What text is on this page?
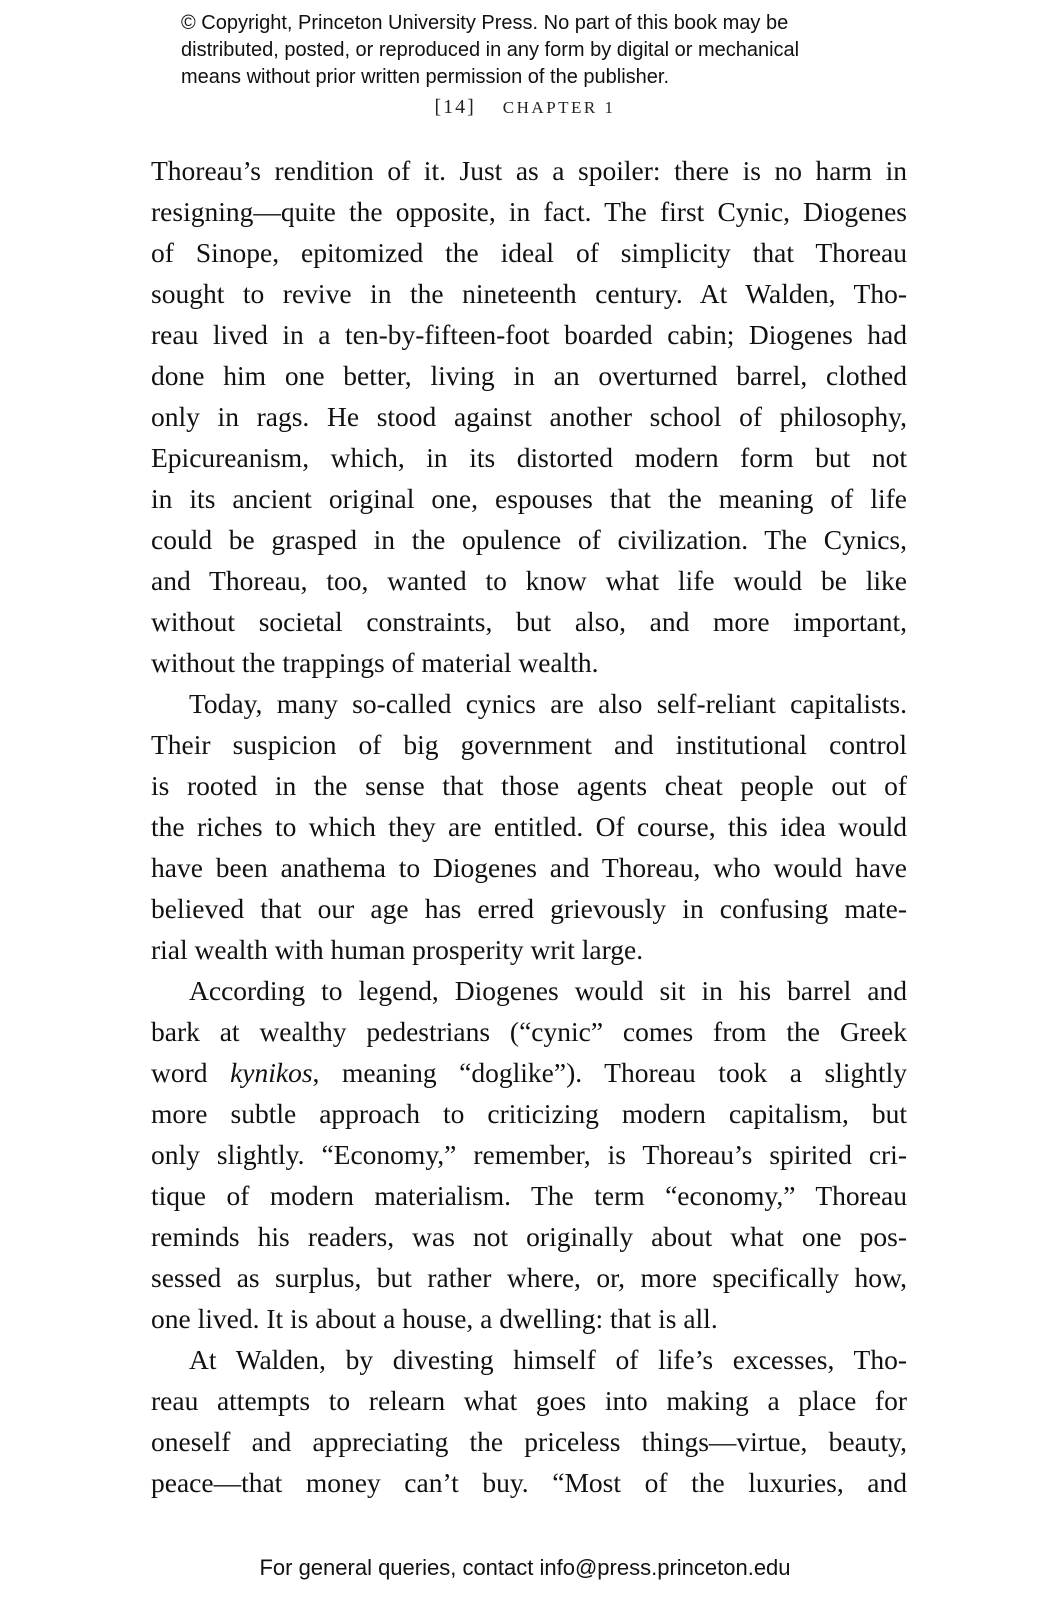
© Copyright, Princeton University Press. No part of this book may be
distributed, posted, or reproduced in any form by digital or mechanical
means without prior written permission of the publisher.
[14] CHAPTER 1

Thoreau’s rendition of it. Just as a spoiler: there is no harm in
resigning—quite the opposite, in fact. The first Cynic, Diogenes
of Sinope, epitomized the ideal of simplicity that Thoreau
sought to revive in the nineteenth century. At Walden, Tho-
reau lived in a ten-by-fifteen-foot boarded cabin; Diogenes had
done him one better, living in an overturned barrel, clothed
only in rags. He stood against another school of philosophy,
Epicureanism, which, in its distorted modern form but not
in its ancient original one, espouses that the meaning of life
could be grasped in the opulence of civilization. The Cynics,
and Thoreau, too, wanted to know what life would be like
without societal constraints, but also, and more important,
without the trappings of material wealth.

Today, many so-called cynics are also self-reliant capitalists.
Their suspicion of big government and institutional control
is rooted in the sense that those agents cheat people out of
the riches to which they are entitled. Of course, this idea would
have been anathema to Diogenes and Thoreau, who would have
believed that our age has erred grievously in confusing mate-
rial wealth with human prosperity writ large.

According to legend, Diogenes would sit in his barrel and
bark at wealthy pedestrians (“cynic” comes from the Greek
word kynikos, meaning “doglike”). Thoreau took a slightly
more subtle approach to criticizing modern capitalism, but
only slightly. “Economy,” remember, is Thoreau’s spirited cri-
tique of modern materialism. The term “economy,” Thoreau
reminds his readers, was not originally about what one pos-
sessed as surplus, but rather where, or, more specifically how,
one lived. It is about a house, a dwelling: that is all.

At Walden, by divesting himself of life’s excesses, Tho-
reau attempts to relearn what goes into making a place for
oneself and appreciating the priceless things—virtue, beauty,
peace—that money can’t buy. “Most of the luxuries, and

For general queries, contact info@press.princeton.edu
